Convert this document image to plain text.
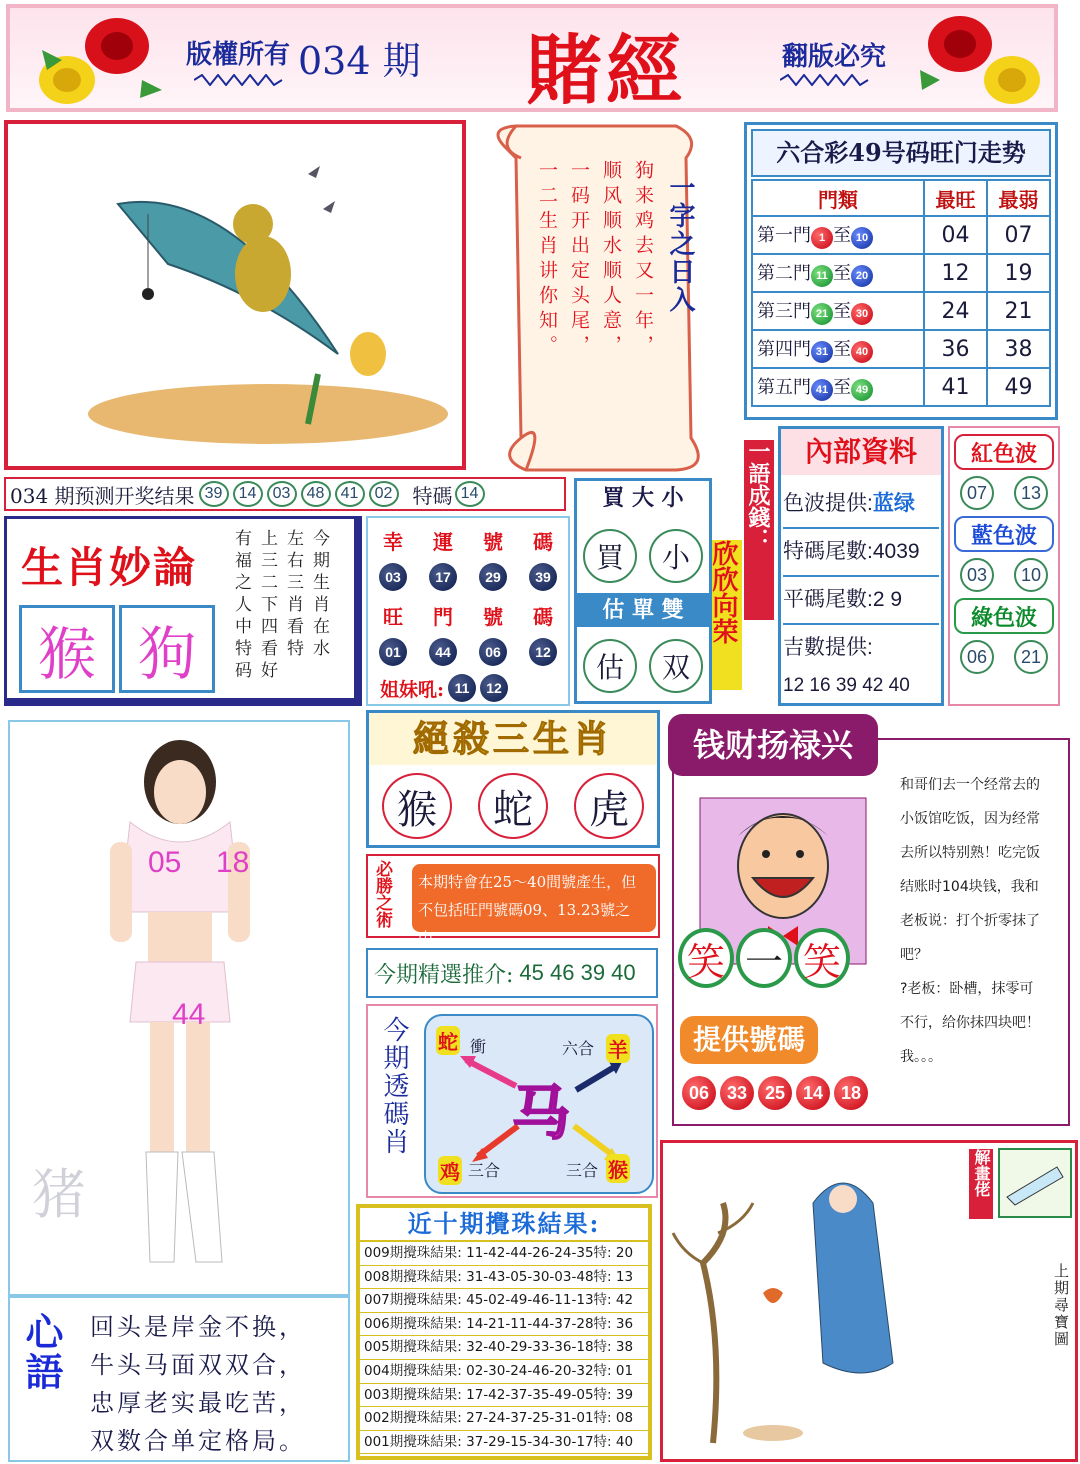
版權所有 034 期 賭經	翻版必究
一字之日入
狗来鸡去又一年，
顺风顺水顺人意，
一码开出定头尾，
一二生肖讲你知。
六合彩49号码旺门走势
門類	最旺	最弱
第一門 1 至 10	04	07
第二門 11 至 20	12	19
第三門 21 至 30	24	21
第四門 31 至 40	36	38
第五門 41 至 49	41	49
034 期预测开奖结果 39	14	03	48	41	02	特碼 14
生肖妙論
猴 狗	今期生肖在水
左右三肖看特
上三二下四看好
有福之人中特码	幸 運 號 碼
03	17	29	39
旺 門 號 碼
01	44	06	12
姐妹吼: 11	12
買 大 小
買	小
估 單 雙
估	双
欣欣向荣
一語成錢：	內部資料
色波提供:蓝绿
特碼尾數:4039
平碼尾數:2 9
吉數提供:
12 16 39 42 40
紅色波
07	13
藍色波
03	10
綠色波
06	21
05 18
44
猪
心語 回头是岸金不换，
牛头马面双双合，
忠厚老实最吃苦，
双数合单定格局。
絕殺三生肖
猴	蛇	虎
必勝之術	本期特會在25～40間號產生，但不包括旺門號碼09、13.23號之中。
今期精選推介: 45 46 39 40
今期透碼肖 马
蛇 衝	六合 羊
鸡 三合	三合 猴
钱财扬禄兴
和哥们去一个经常去的
小饭馆吃饭，因为经常
去所以特别熟！吃完饭
结账时104块钱，我和
老板说：打个折零抹了
吧？
?老板：卧槽，抹零可
不行，给你抹四块吧！
我。。。
笑 一 笑
提供號碼
06 33 25 14 18
近十期攪珠結果:
009期攪珠結果: 11-42-44-26-24-35特: 20
008期攪珠結果: 31-43-05-30-03-48特: 13
007期攪珠結果: 45-02-49-46-11-13特: 42
006期攪珠結果: 14-21-11-44-37-28特: 36
005期攪珠結果: 32-40-29-33-36-18特: 38
004期攪珠結果: 02-30-24-46-20-32特: 01
003期攪珠結果: 17-42-37-35-49-05特: 39
002期攪珠結果: 27-24-37-25-31-01特: 08
001期攪珠結果: 37-29-15-34-30-17特: 40
解畫佬
上期尋寶圖
